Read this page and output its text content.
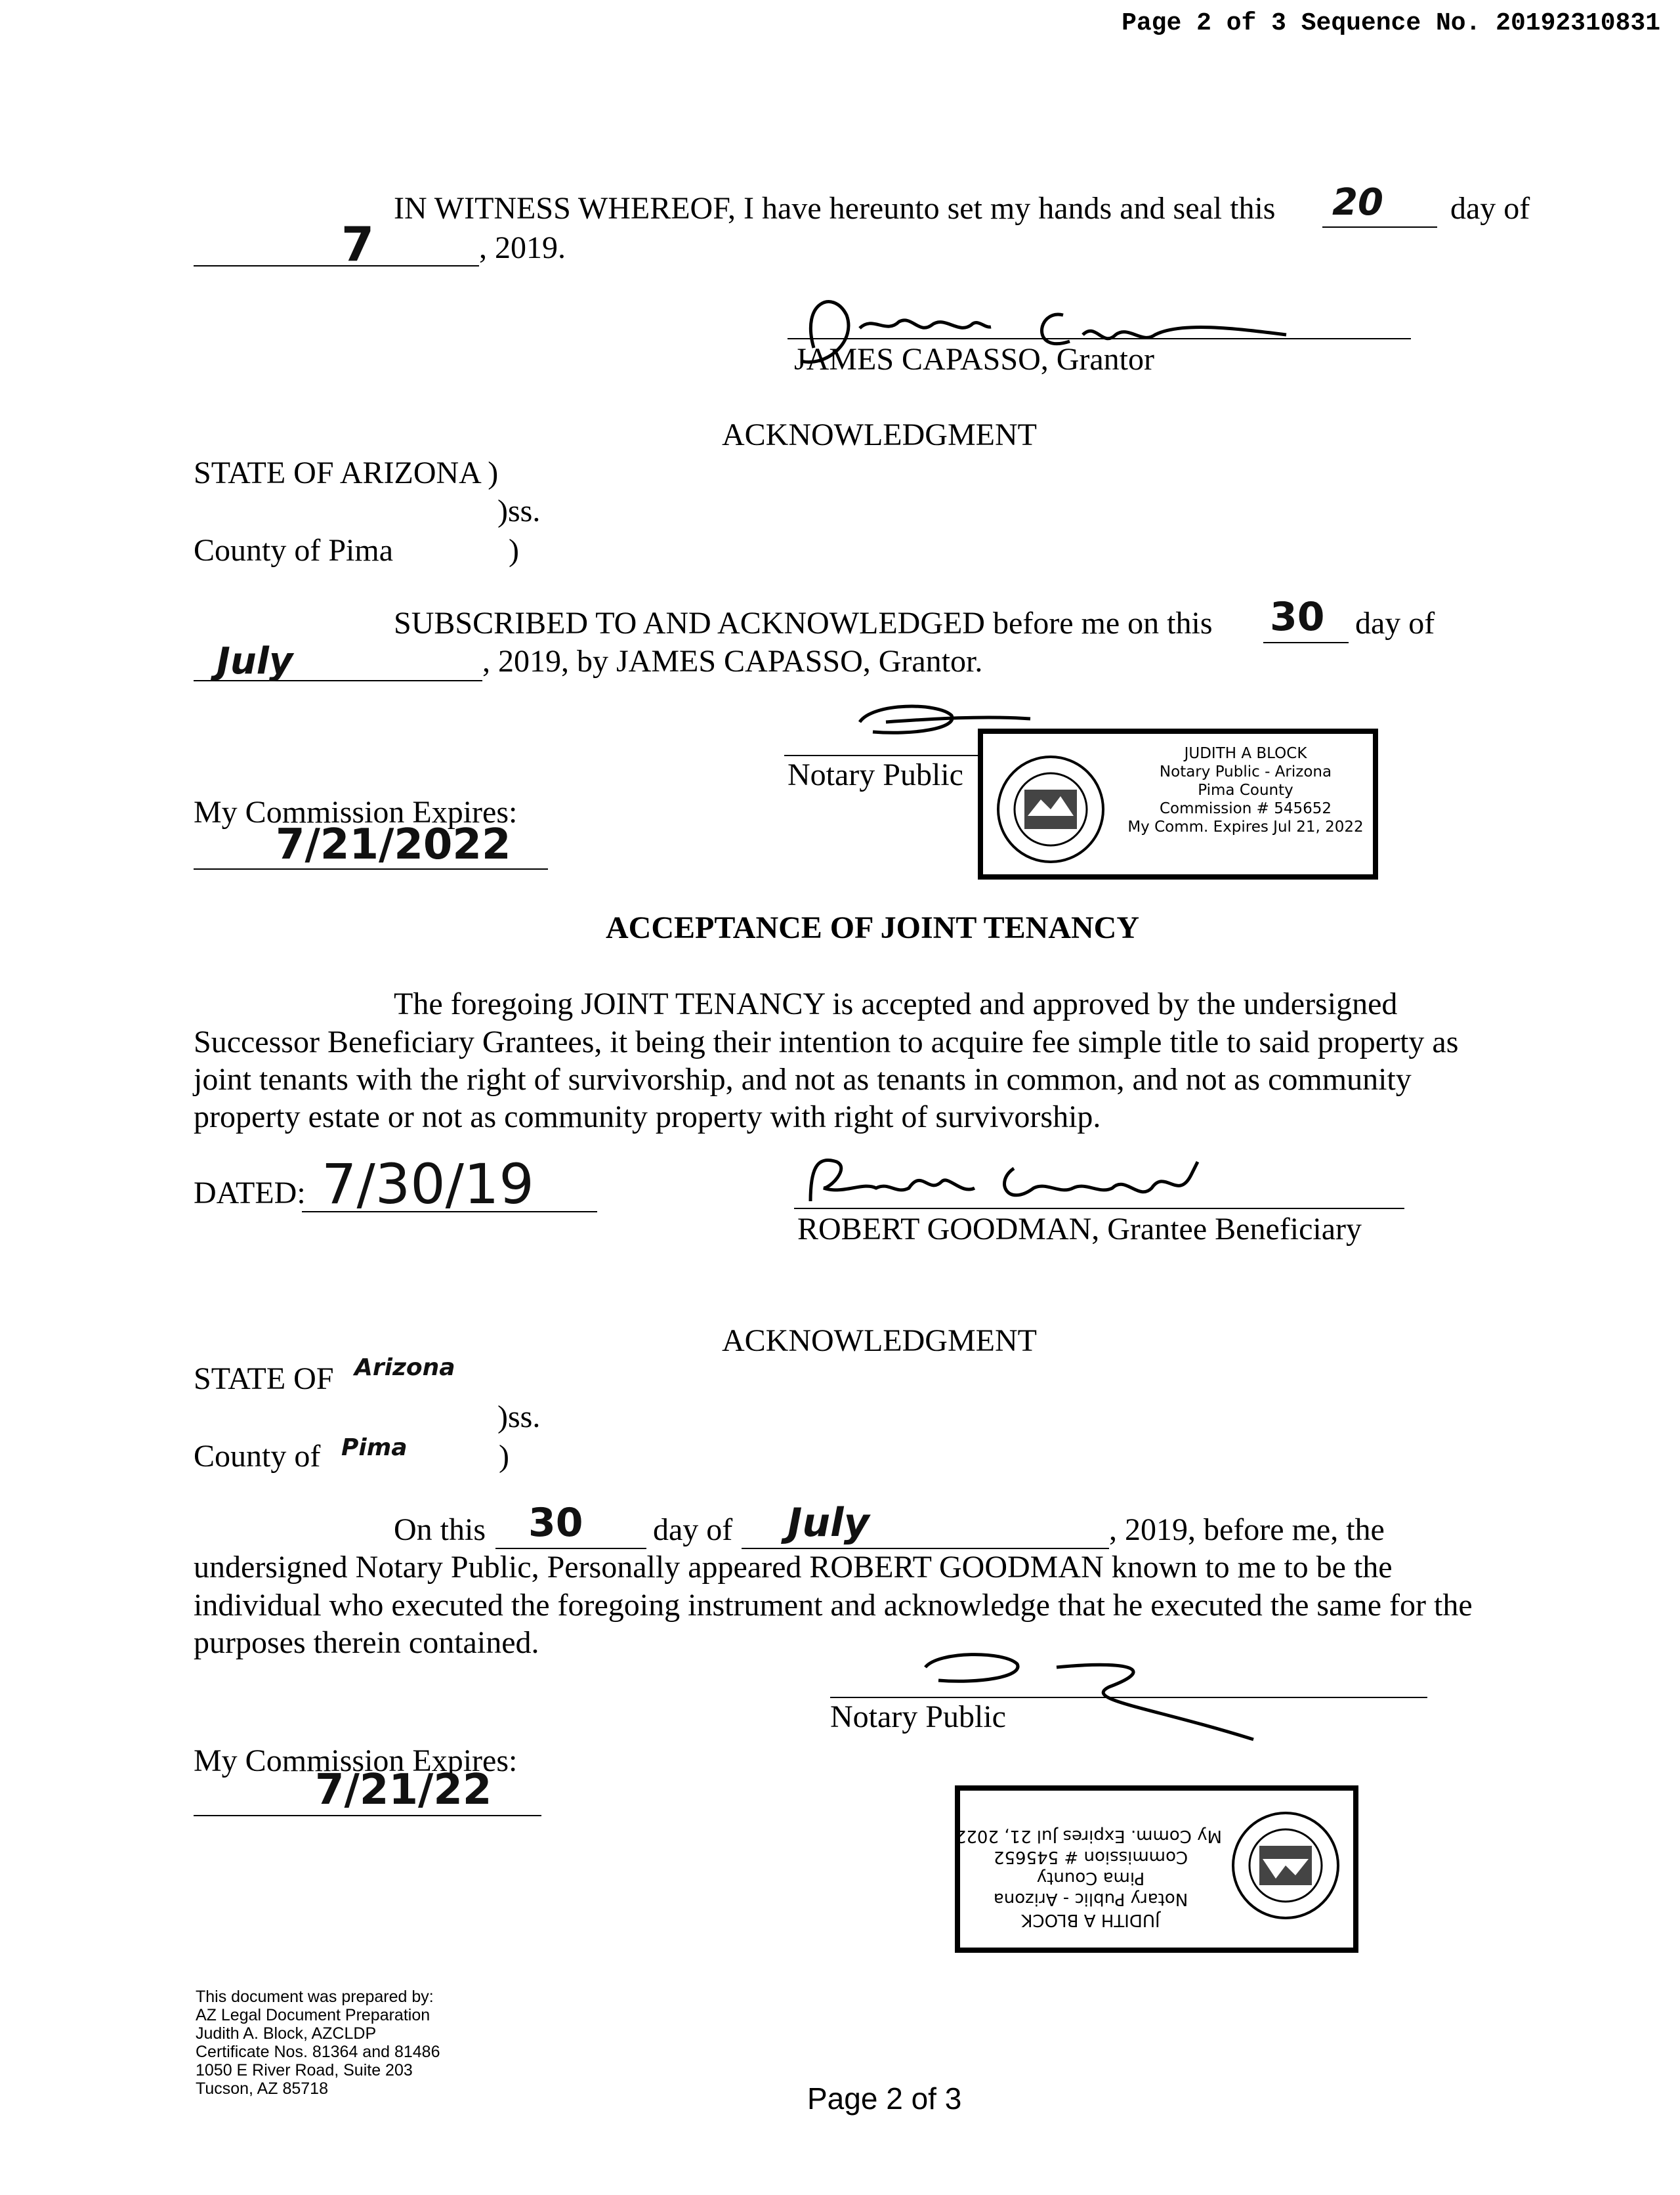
Page 2 of 3 Sequence No. 20192310831
IN WITNESS WHEREOF, I have hereunto set my hands and seal this 20 day of
7	, 2019.
JAMES CAPASSO, Grantor
ACKNOWLEDGMENT
STATE OF ARIZONA )
)ss.
County of Pima	)
SUBSCRIBED TO AND ACKNOWLEDGED before me on this 30 day of
July	, 2019, by JAMES CAPASSO, Grantor.
Notary Public
JUDITH A BLOCK
Notary Public - Arizona
Pima County
Commission # 545652
My Comm. Expires Jul 21, 2022
My Commission Expires:
7/21/2022
ACCEPTANCE OF JOINT TENANCY
The foregoing JOINT TENANCY is accepted and approved by the undersigned
Successor Beneficiary Grantees, it being their intention to acquire fee simple title to said property as
joint tenants with the right of survivorship, and not as tenants in common, and not as community
property estate or not as community property with right of survivorship.
DATED: 7/30/19
ROBERT GOODMAN, Grantee Beneficiary
ACKNOWLEDGMENT
STATE OF Arizona
)ss.
County of Pima	)
On this 30 day of July	, 2019, before me, the
undersigned Notary Public, Personally appeared ROBERT GOODMAN known to me to be the
individual who executed the foregoing instrument and acknowledge that he executed the same for the
purposes therein contained.
Notary Public
My Commission Expires:
7/21/22
JUDITH A BLOCK
Notary Public - Arizona
Pima County
Commission # 545652
My Comm. Expires Jul 21, 2022
This document was prepared by:
AZ Legal Document Preparation
Judith A. Block, AZCLDP
Certificate Nos. 81364 and 81486
1050 E River Road, Suite 203
Tucson, AZ 85718	Page 2 of 3
